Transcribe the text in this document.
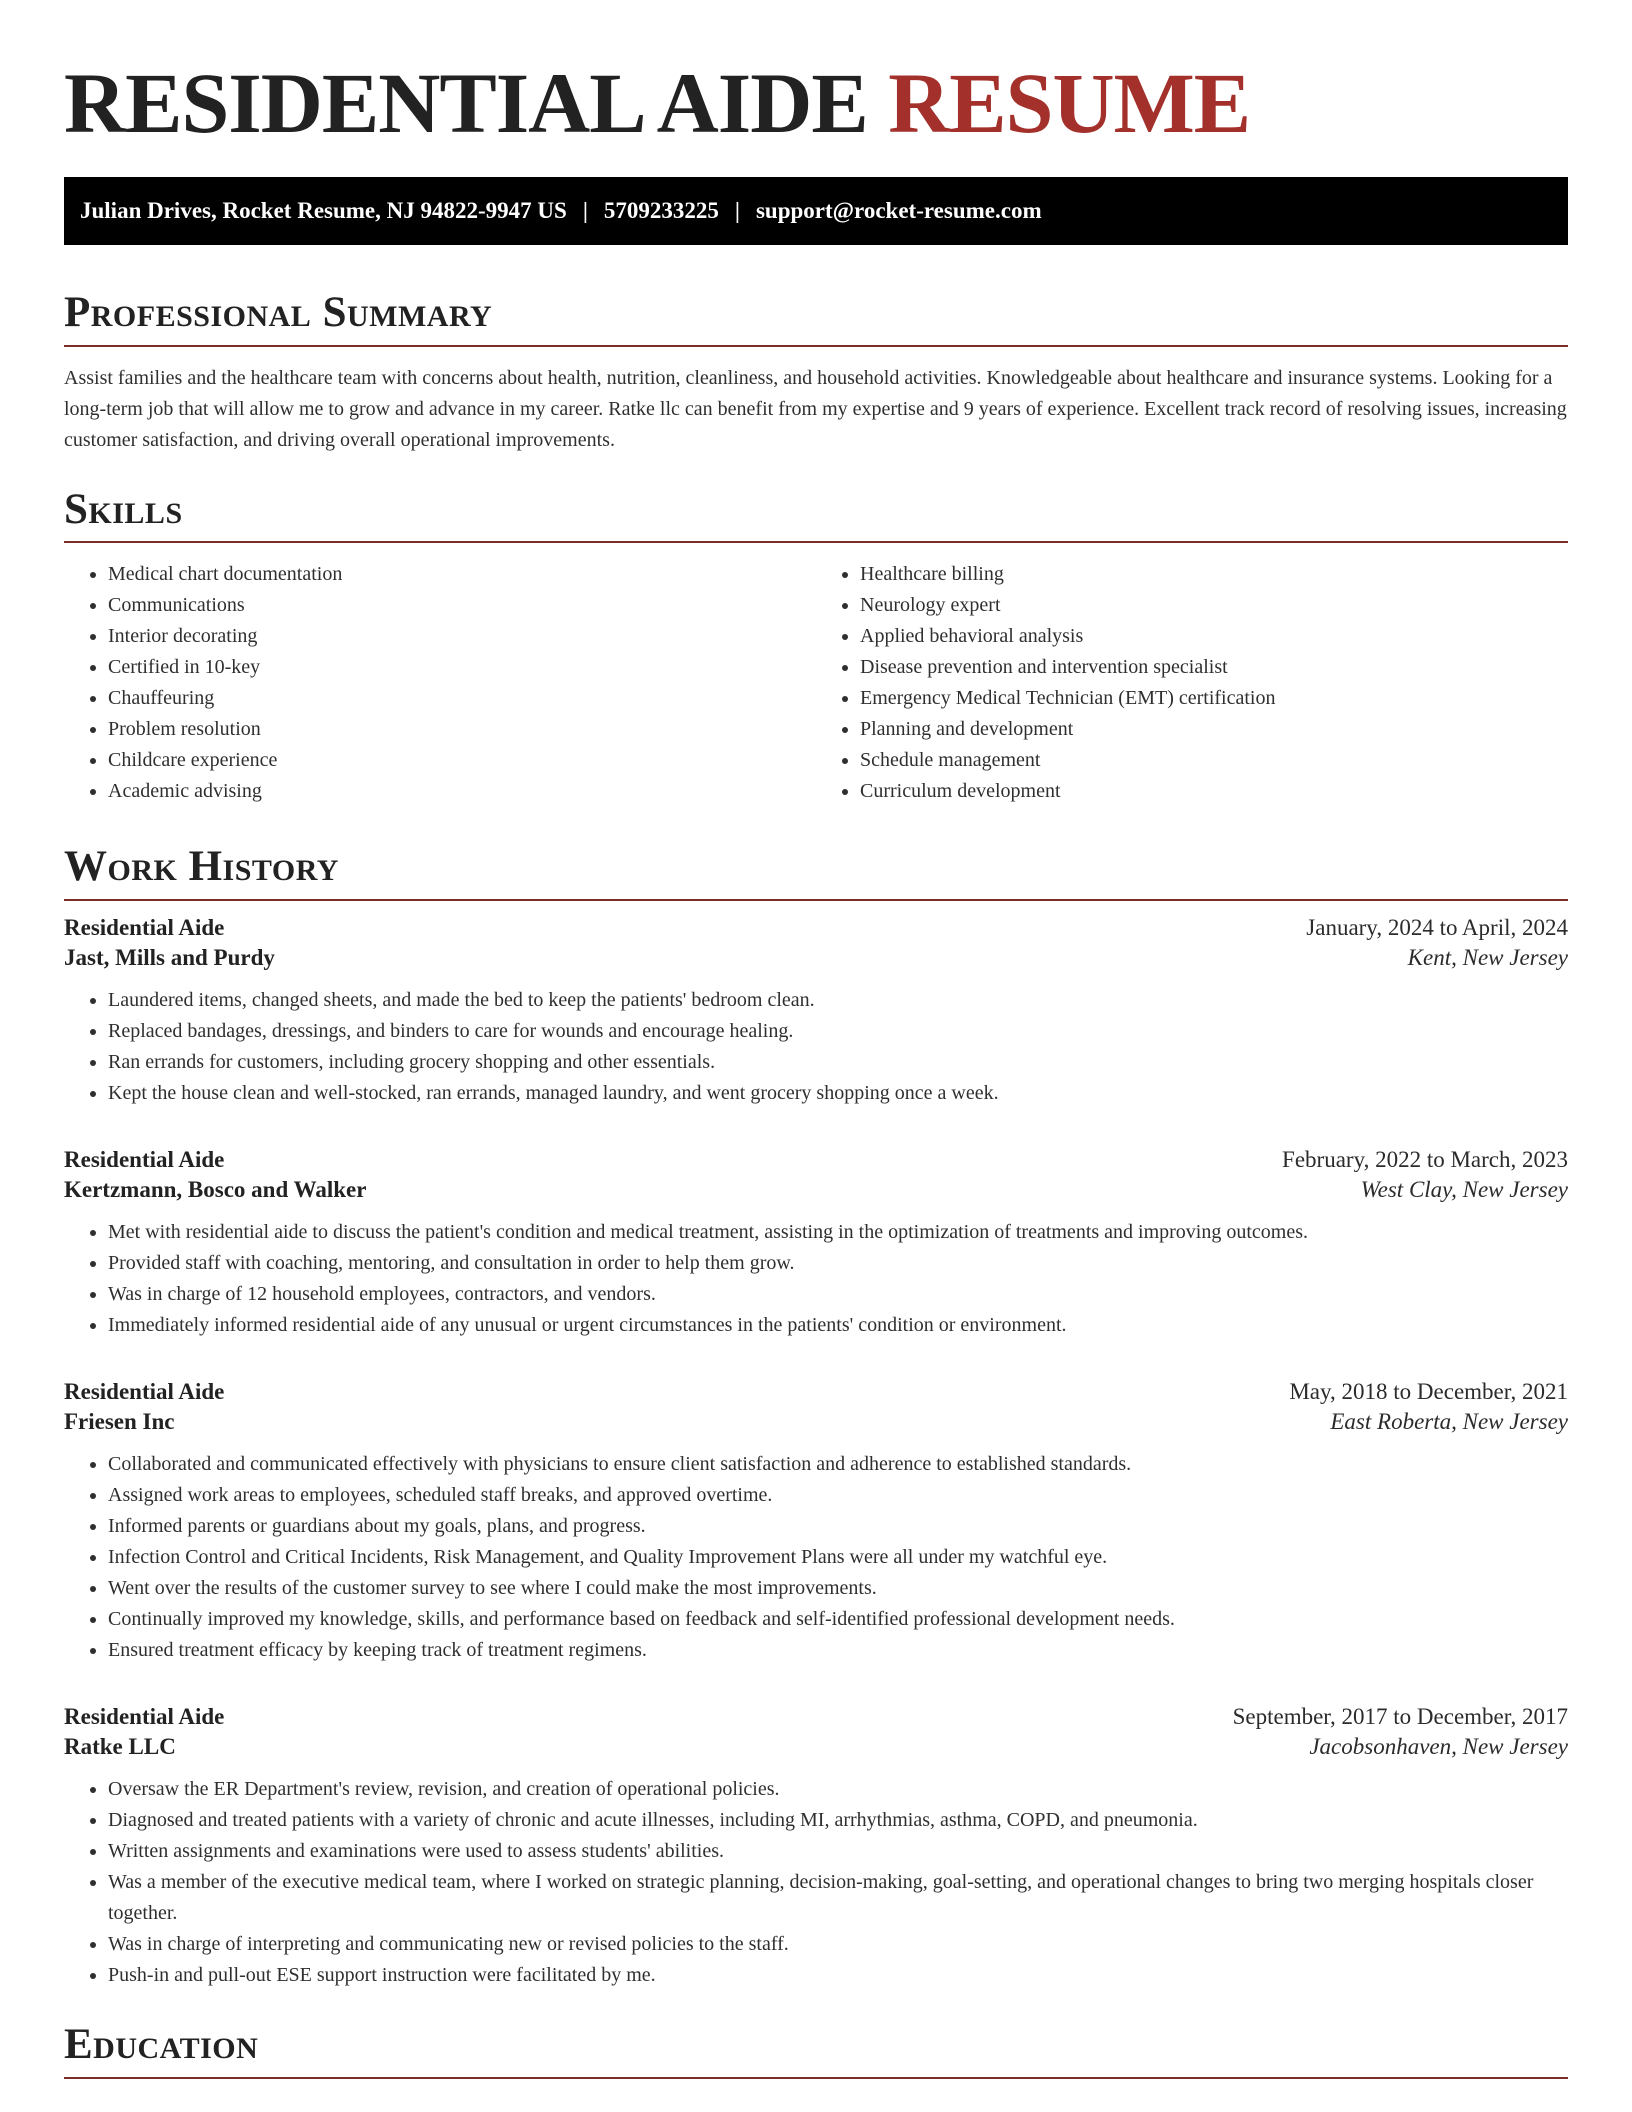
RESIDENTIAL AIDE RESUME
Julian Drives, Rocket Resume, NJ 94822-9947 US | 5709233225 | support@rocket-resume.com
Professional Summary

Assist families and the healthcare team with concerns about health, nutrition, cleanliness, and household activities. Knowledgeable about healthcare and insurance systems. Looking for a long-term job that will allow me to grow and advance in my career. Ratke llc can benefit from my expertise and 9 years of experience. Excellent track record of resolving issues, increasing customer satisfaction, and driving overall operational improvements.

Skills
• Medical chart documentation
• Communications
• Interior decorating
• Certified in 10-key
• Chauffeuring
• Problem resolution
• Childcare experience
• Academic advising
• Healthcare billing
• Neurology expert
• Applied behavioral analysis
• Disease prevention and intervention specialist
• Emergency Medical Technician (EMT) certification
• Planning and development
• Schedule management
• Curriculum development
Work History
Residential Aide	January, 2024 to April, 2024
Jast, Mills and Purdy	Kent, New Jersey
• Laundered items, changed sheets, and made the bed to keep the patients' bedroom clean.
• Replaced bandages, dressings, and binders to care for wounds and encourage healing.
• Ran errands for customers, including grocery shopping and other essentials.
• Kept the house clean and well-stocked, ran errands, managed laundry, and went grocery shopping once a week.
Residential Aide	February, 2022 to March, 2023
Kertzmann, Bosco and Walker	West Clay, New Jersey
• Met with residential aide to discuss the patient's condition and medical treatment, assisting in the optimization of treatments and improving outcomes.
• Provided staff with coaching, mentoring, and consultation in order to help them grow.
• Was in charge of 12 household employees, contractors, and vendors.
• Immediately informed residential aide of any unusual or urgent circumstances in the patients' condition or environment.
Residential Aide	May, 2018 to December, 2021
Friesen Inc	East Roberta, New Jersey
• Collaborated and communicated effectively with physicians to ensure client satisfaction and adherence to established standards.
• Assigned work areas to employees, scheduled staff breaks, and approved overtime.
• Informed parents or guardians about my goals, plans, and progress.
• Infection Control and Critical Incidents, Risk Management, and Quality Improvement Plans were all under my watchful eye.
• Went over the results of the customer survey to see where I could make the most improvements.
• Continually improved my knowledge, skills, and performance based on feedback and self-identified professional development needs.
• Ensured treatment efficacy by keeping track of treatment regimens.
Residential Aide	September, 2017 to December, 2017
Ratke LLC	Jacobsonhaven, New Jersey
• Oversaw the ER Department's review, revision, and creation of operational policies.
• Diagnosed and treated patients with a variety of chronic and acute illnesses, including MI, arrhythmias, asthma, COPD, and pneumonia.
• Written assignments and examinations were used to assess students' abilities.
• Was a member of the executive medical team, where I worked on strategic planning, decision-making, goal-setting, and operational changes to bring two merging hospitals closer together.
• Was in charge of interpreting and communicating new or revised policies to the staff.
• Push-in and pull-out ESE support instruction were facilitated by me.
Education
